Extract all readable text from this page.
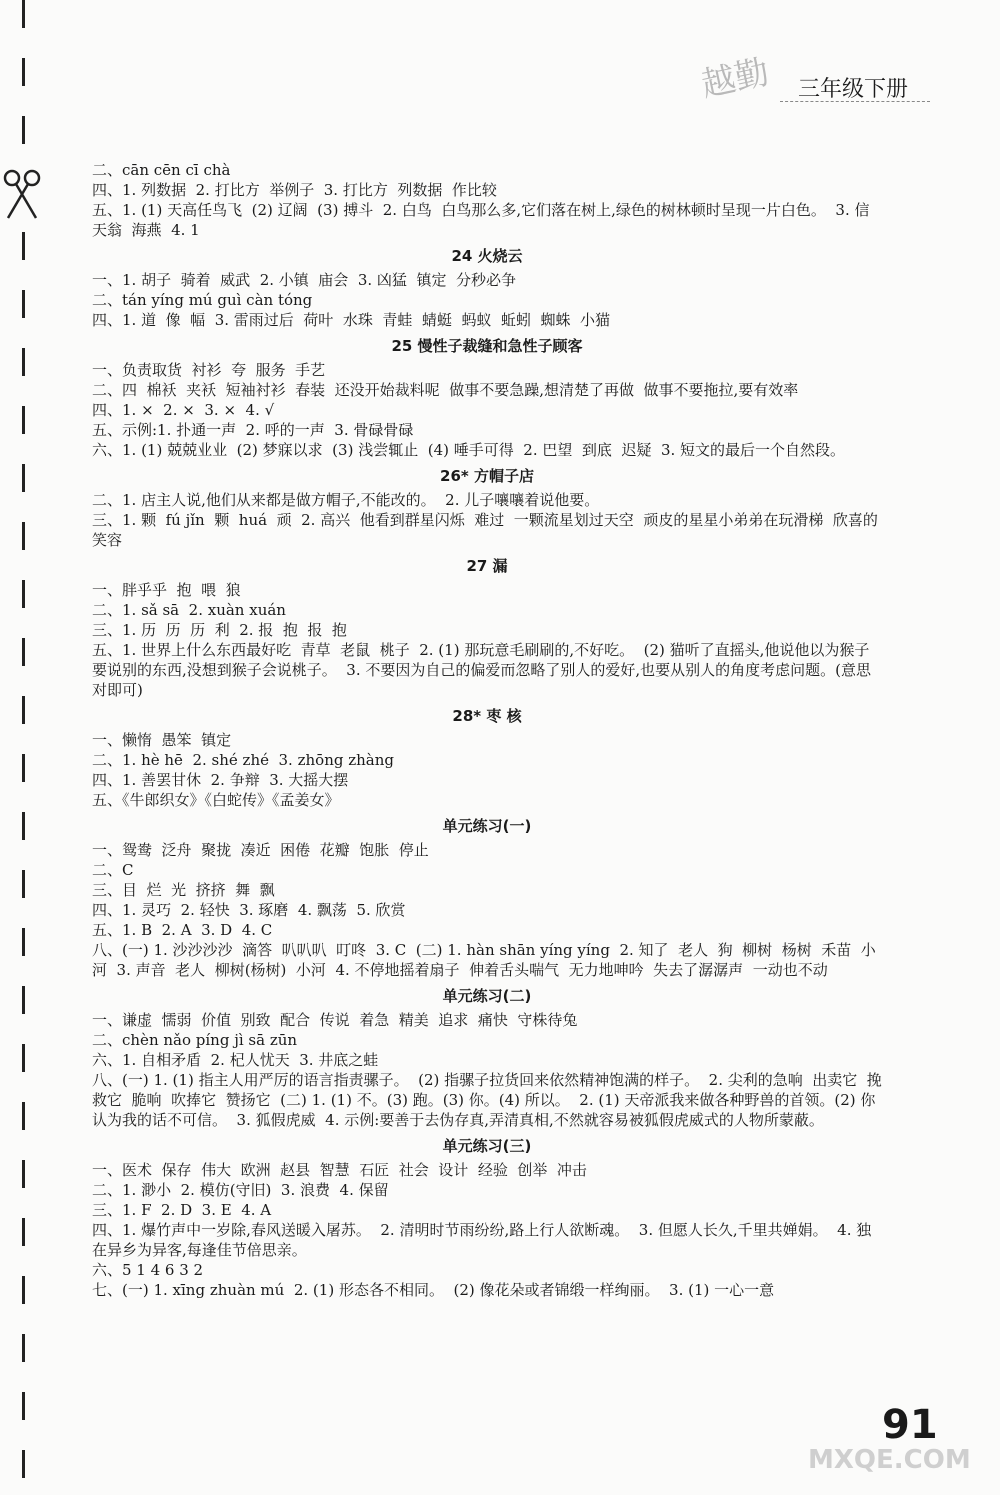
越勤	三年级下册
二、cān cēn cī chà
四、1. 列数据  2. 打比方  举例子  3. 打比方  列数据  作比较
五、1. (1) 天高任鸟飞  (2) 辽阔  (3) 搏斗  2. 白鸟  白鸟那么多,它们落在树上,绿色的树林顿时呈现一片白色。  3. 信天翁  海燕  4. 1
24 火烧云
一、1. 胡子  骑着  威武  2. 小镇  庙会  3. 凶猛  镇定  分秒必争
二、tán yíng mú guì càn tóng
四、1. 道  像  幅  3. 雷雨过后  荷叶  水珠  青蛙  蜻蜓  蚂蚁  蚯蚓  蜘蛛  小猫
25 慢性子裁缝和急性子顾客
一、负责取货  衬衫  夸  服务  手艺
二、四  棉袄  夹袄  短袖衬衫  春装  还没开始裁料呢  做事不要急躁,想清楚了再做  做事不要拖拉,要有效率
四、1. ×  2. ×  3. ×  4. √
五、示例:1. 扑通一声  2. 呼的一声  3. 骨碌骨碌
六、1. (1) 兢兢业业  (2) 梦寐以求  (3) 浅尝辄止  (4) 唾手可得  2. 巴望  到底  迟疑  3. 短文的最后一个自然段。
26* 方帽子店
二、1. 店主人说,他们从来都是做方帽子,不能改的。  2. 儿子嚷嚷着说他要。
三、1. 颗  fú jǐn  颗  huá  顽  2. 高兴  他看到群星闪烁  难过  一颗流星划过天空  顽皮的星星小弟弟在玩滑梯  欣喜的笑容
27 漏
一、胖乎乎  抱  喂  狼
二、1. sǎ sā  2. xuàn xuán
三、1. 历  历  历  利  2. 报  抱  报  抱
五、1. 世界上什么东西最好吃  青草  老鼠  桃子  2. (1) 那玩意毛刷刷的,不好吃。  (2) 猫听了直摇头,他说他以为猴子要说别的东西,没想到猴子会说桃子。  3. 不要因为自己的偏爱而忽略了别人的爱好,也要从别人的角度考虑问题。(意思对即可)
28* 枣 核
一、懒惰  愚笨  镇定
二、1. hè hē  2. shé zhé  3. zhōng zhàng
四、1. 善罢甘休  2. 争辩  3. 大摇大摆
五、《牛郎织女》《白蛇传》《孟姜女》
单元练习(一)
一、鸳鸯  泛舟  聚拢  凑近  困倦  花瓣  饱胀  停止
二、C
三、目  烂  光  挤挤  舞  飘
四、1. 灵巧  2. 轻快  3. 琢磨  4. 飘荡  5. 欣赏
五、1. B  2. A  3. D  4. C
八、(一) 1. 沙沙沙沙  滴答  叭叭叭  叮咚  3. C  (二) 1. hàn shān yíng yíng  2. 知了  老人  狗  柳树  杨树  禾苗  小河  3. 声音  老人  柳树(杨树)  小河  4. 不停地摇着扇子  伸着舌头喘气  无力地呻吟  失去了潺潺声  一动也不动
单元练习(二)
一、谦虚  懦弱  价值  别致  配合  传说  着急  精美  追求  痛快  守株待兔
二、chèn nǎo píng jì sā zūn
六、1. 自相矛盾  2. 杞人忧天  3. 井底之蛙
八、(一) 1. (1) 指主人用严厉的语言指责骡子。  (2) 指骡子拉货回来依然精神饱满的样子。  2. 尖利的急响  出卖它  挽救它  脆响  吹捧它  赞扬它  (二) 1. (1) 不。(3) 跑。(3) 你。(4) 所以。  2. (1) 天帝派我来做各种野兽的首领。(2) 你认为我的话不可信。  3. 狐假虎威  4. 示例:要善于去伪存真,弄清真相,不然就容易被狐假虎威式的人物所蒙蔽。
单元练习(三)
一、医术  保存  伟大  欧洲  赵县  智慧  石匠  社会  设计  经验  创举  冲击
二、1. 渺小  2. 模仿(守旧)  3. 浪费  4. 保留
三、1. F  2. D  3. E  4. A
四、1. 爆竹声中一岁除,春风送暖入屠苏。  2. 清明时节雨纷纷,路上行人欲断魂。  3. 但愿人长久,千里共婵娟。  4. 独在异乡为异客,每逢佳节倍思亲。
六、5 1 4 6 3 2
七、(一) 1. xīng zhuàn mú  2. (1) 形态各不相同。  (2) 像花朵或者锦缎一样绚丽。  3. (1) 一心一意
91
MXQE.COM
